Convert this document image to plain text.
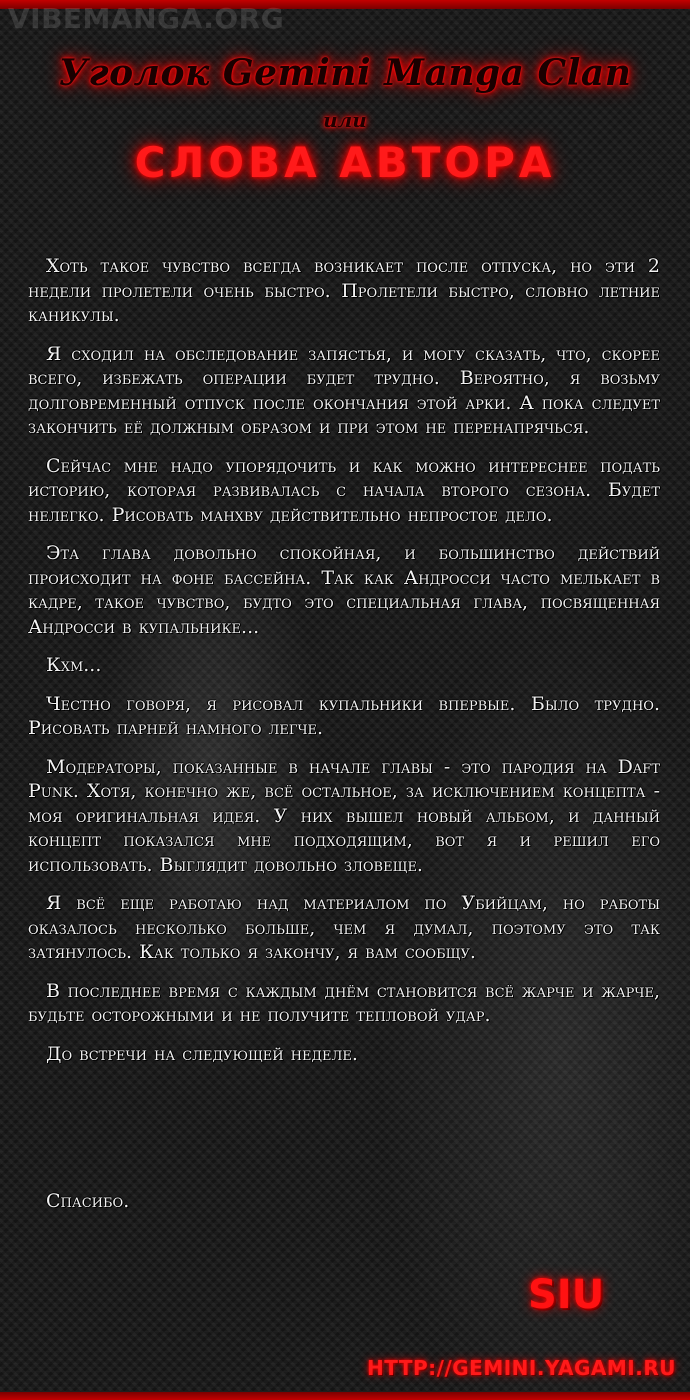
VIBEMANGA.ORG
Уголок Gemini Manga Clan
или
СЛОВА АВТОРА

Хоть такое чувство всегда возникает после отпуска, но эти 2 недели пролетели очень быстро. Пролетели быстро, словно летние каникулы.

Я сходил на обследование запястья, и могу сказать, что, скорее всего, избежать операции будет трудно. Вероятно, я возьму долговременный отпуск после окончания этой арки. А пока следует закончить её должным образом и при этом не перенапрячься.

Сейчас мне надо упорядочить и как можно интереснее подать историю, которая развивалась с начала второго сезона. Будет нелегко. Рисовать манхву действительно непростое дело.

Эта глава довольно спокойная, и большинство действий происходит на фоне бассейна. Так как Андросси часто мелькает в кадре, такое чувство, будто это специальная глава, посвященная Андросси в купальнике...

Кхм...

Честно говоря, я рисовал купальники впервые. Было трудно. Рисовать парней намного легче.

Модераторы, показанные в начале главы - это пародия на Daft Punk. Хотя, конечно же, всё остальное, за исключением концепта - моя оригинальная идея. У них вышел новый альбом, и данный концепт показался мне подходящим, вот я и решил его использовать. Выглядит довольно зловеще.

Я всё еще работаю над материалом по Убийцам, но работы оказалось несколько больше, чем я думал, поэтому это так затянулось. Как только я закончу, я вам сообщу.

В последнее время с каждым днём становится всё жарче и жарче, будьте осторожными и не получите тепловой удар.

До встречи на следующей неделе.

Спасибо.
SIU
HTTP://GEMINI.YAGAMI.RU
